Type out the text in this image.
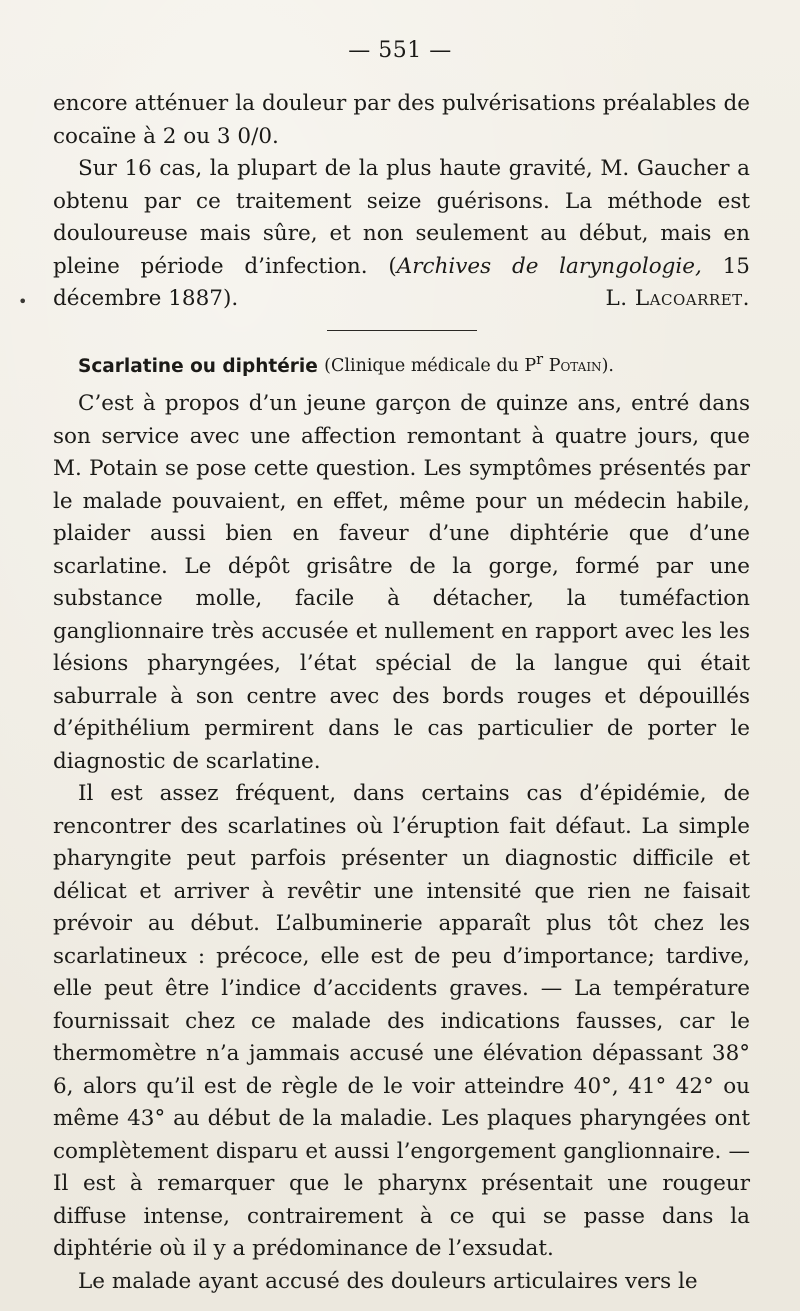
— 551 —
•

encore atténuer la douleur par des pulvérisations préalables de cocaïne à 2 ou 3 0/0.

Sur 16 cas, la plupart de la plus haute gravité, M. Gaucher a obtenu par ce traitement seize guérisons. La méthode est douloureuse mais sûre, et non seulement au début, mais en pleine période d’infection. (Archives de laryngologie, 15 décembre 1887).	L. Lacoarret.

Scarlatine ou diphtérie (Clinique médicale du $P^r$ Potain).

C’est à propos d’un jeune garçon de quinze ans, entré dans son service avec une affection remontant à quatre jours, que M. Potain se pose cette question. Les symptômes présentés par le malade pouvaient, en effet, même pour un médecin habile, plaider aussi bien en faveur d’une diphtérie que d’une scarlatine. Le dépôt grisâtre de la gorge, formé par une substance molle, facile à détacher, la tuméfaction ganglionnaire très accusée et nullement en rapport avec les les lésions pharyngées, l’état spécial de la langue qui était saburrale à son centre avec des bords rouges et dépouillés d’épithélium permirent dans le cas particulier de porter le diagnostic de scarlatine.

Il est assez fréquent, dans certains cas d’épidémie, de rencontrer des scarlatines où l’éruption fait défaut. La simple pharyngite peut parfois présenter un diagnostic difficile et délicat et arriver à revêtir une intensité que rien ne faisait prévoir au début. L’albuminerie apparaît plus tôt chez les scarlatineux : précoce, elle est de peu d’importance; tardive, elle peut être l’indice d’accidents graves. — La température fournissait chez ce malade des indications fausses, car le thermomètre n’a jammais accusé une élévation dépassant 38° 6, alors qu’il est de règle de le voir atteindre 40°, 41° 42° ou même 43° au début de la maladie. Les plaques pharyngées ont complètement disparu et aussi l’engorgement ganglionnaire. — Il est à remarquer que le pharynx présentait une rougeur diffuse intense, contrairement à ce qui se passe dans la diphtérie où il y a prédominance de l’exsudat.

Le malade ayant accusé des douleurs articulaires vers le
